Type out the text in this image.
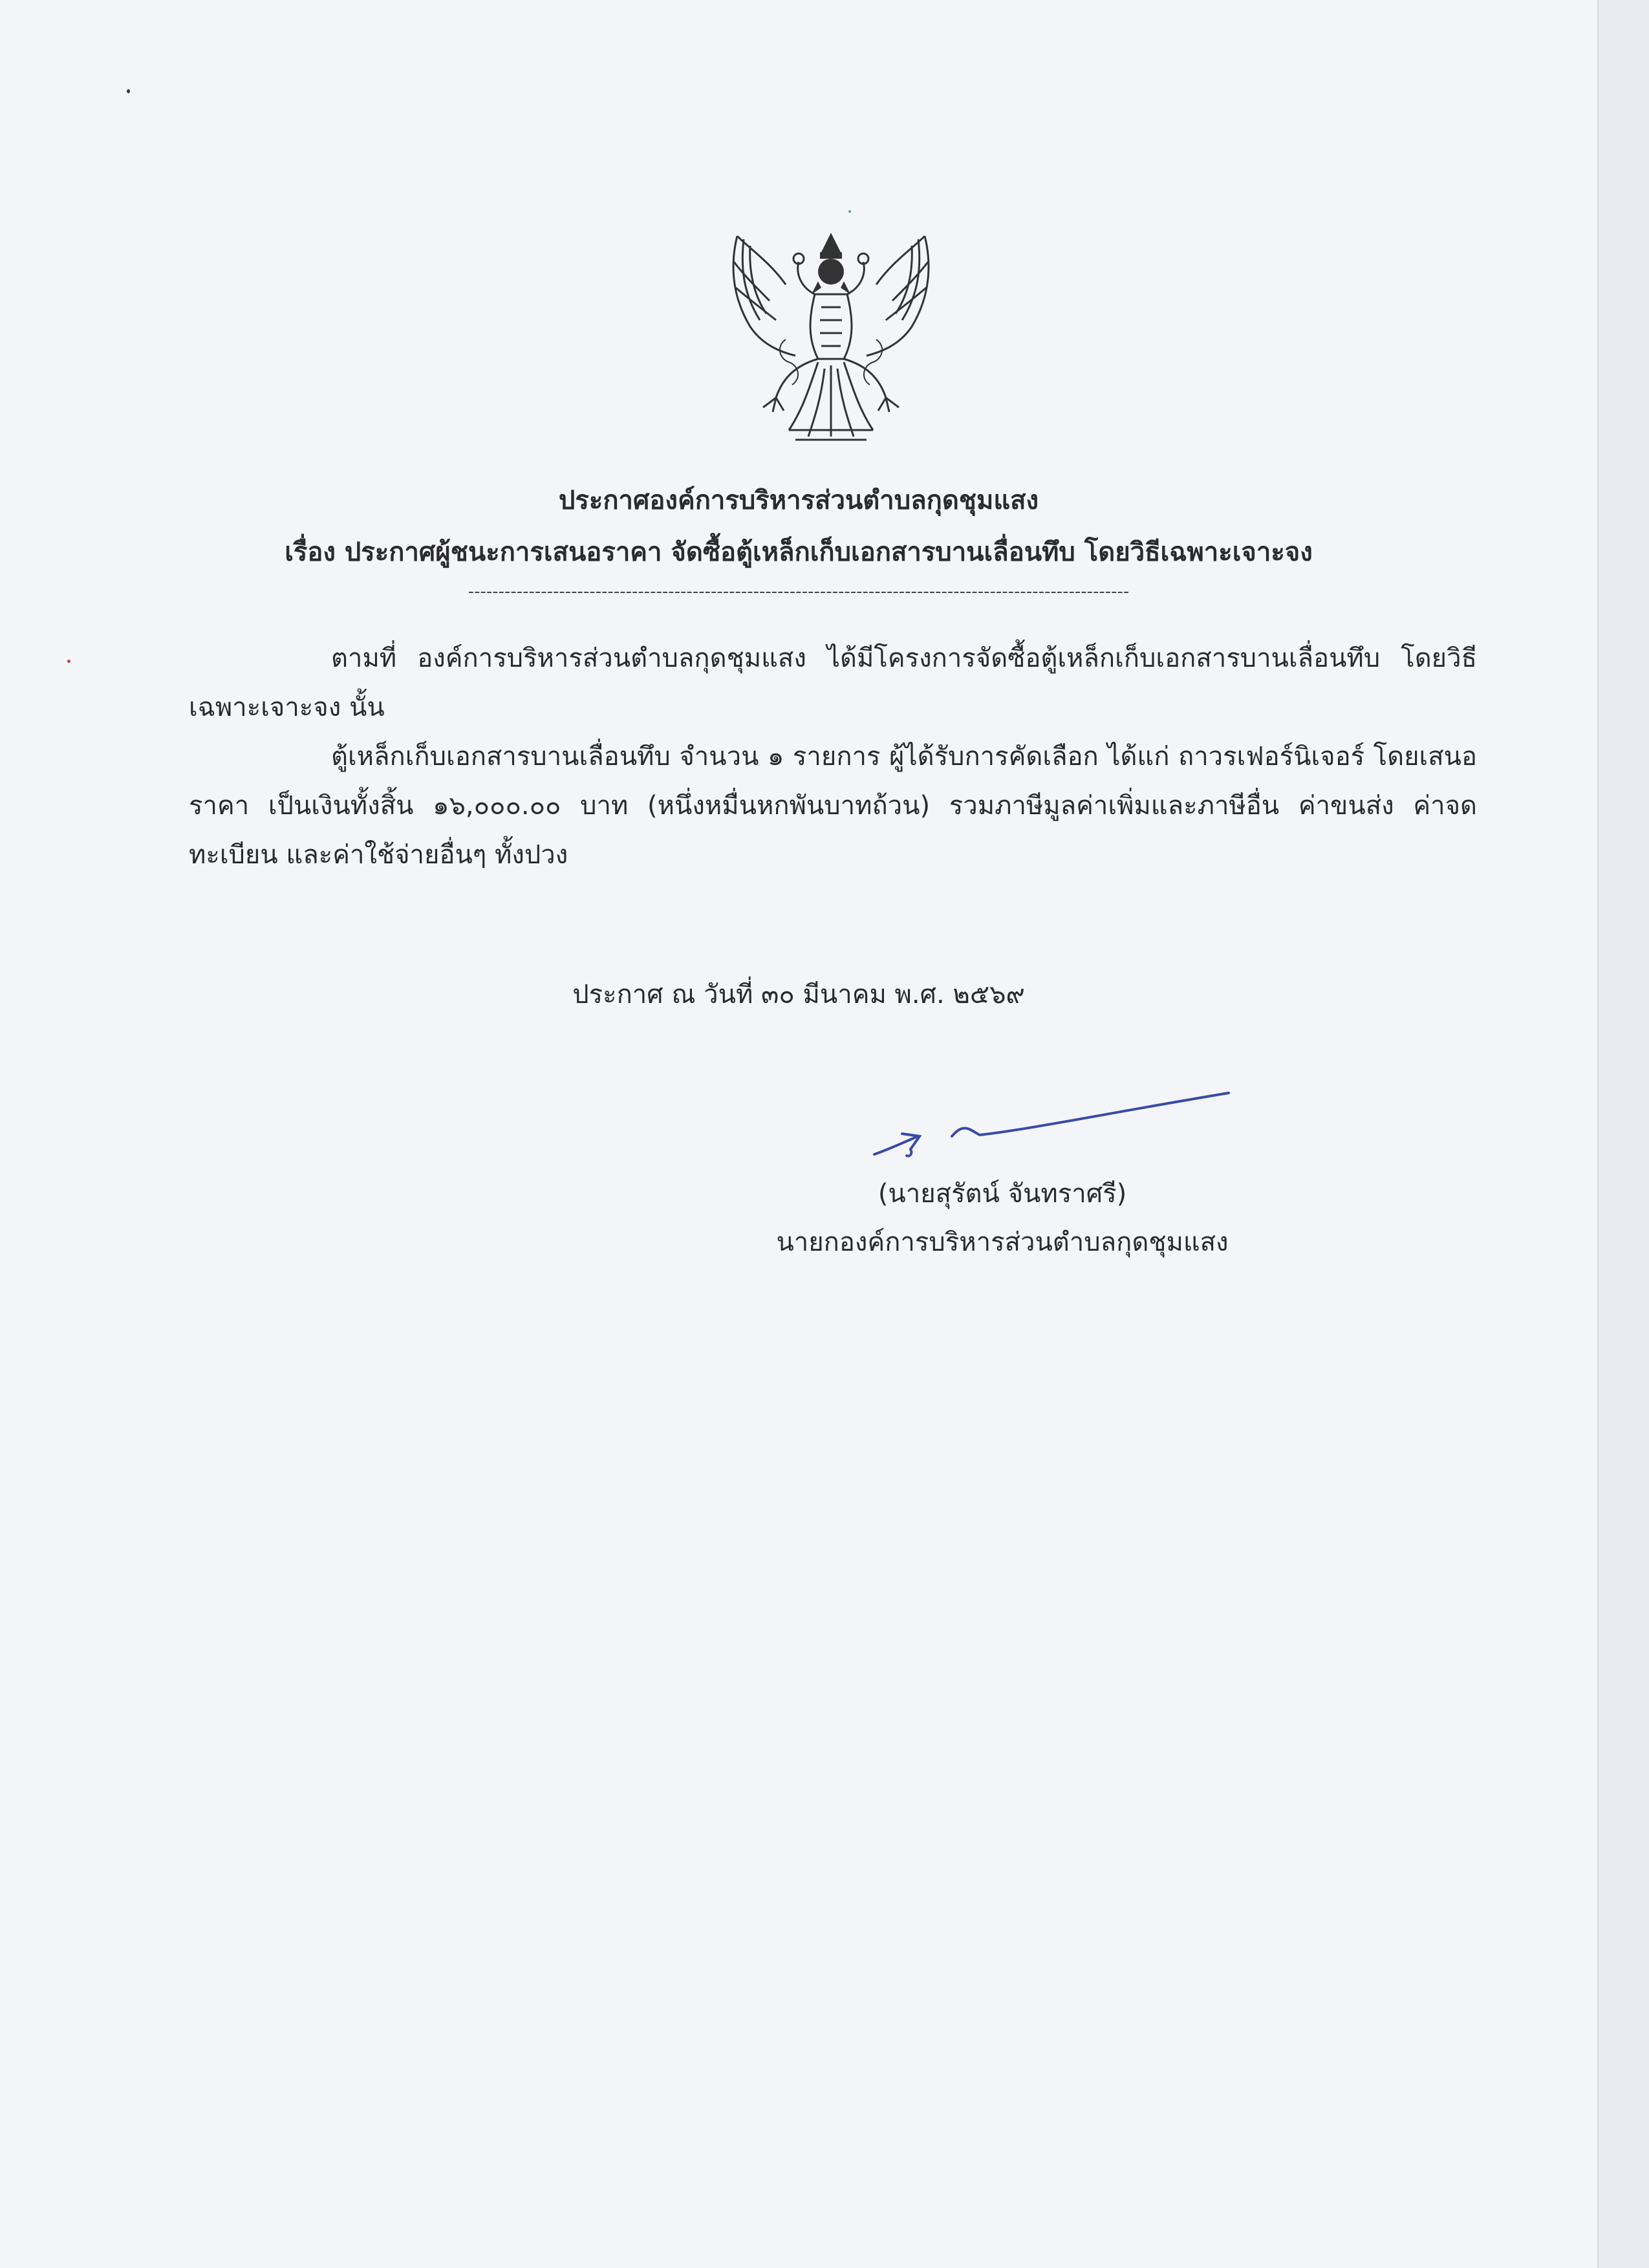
ประกาศองค์การบริหารส่วนตำบลกุดชุมแสง
เรื่อง ประกาศผู้ชนะการเสนอราคา จัดซื้อตู้เหล็กเก็บเอกสารบานเลื่อนทึบ โดยวิธีเฉพาะเจาะจง
-------------------------------------------------------------------------------------------------------------
ตามที่ องค์การบริหารส่วนตำบลกุดชุมแสง ได้มีโครงการจัดซื้อตู้เหล็กเก็บเอกสารบานเลื่อนทึบ โดยวิธีเฉพาะเจาะจง นั้น
ตู้เหล็กเก็บเอกสารบานเลื่อนทึบ จำนวน ๑ รายการ ผู้ได้รับการคัดเลือก ได้แก่ ถาวรเฟอร์นิเจอร์ โดยเสนอราคา เป็นเงินทั้งสิ้น ๑๖,๐๐๐.๐๐ บาท (หนึ่งหมื่นหกพันบาทถ้วน) รวมภาษีมูลค่าเพิ่มและภาษีอื่น ค่าขนส่ง ค่าจดทะเบียน และค่าใช้จ่ายอื่นๆ ทั้งปวง
ประกาศ ณ วันที่ ๓๐ มีนาคม พ.ศ. ๒๕๖๙
(นายสุรัตน์ จันทราศรี)
นายกองค์การบริหารส่วนตำบลกุดชุมแสง
